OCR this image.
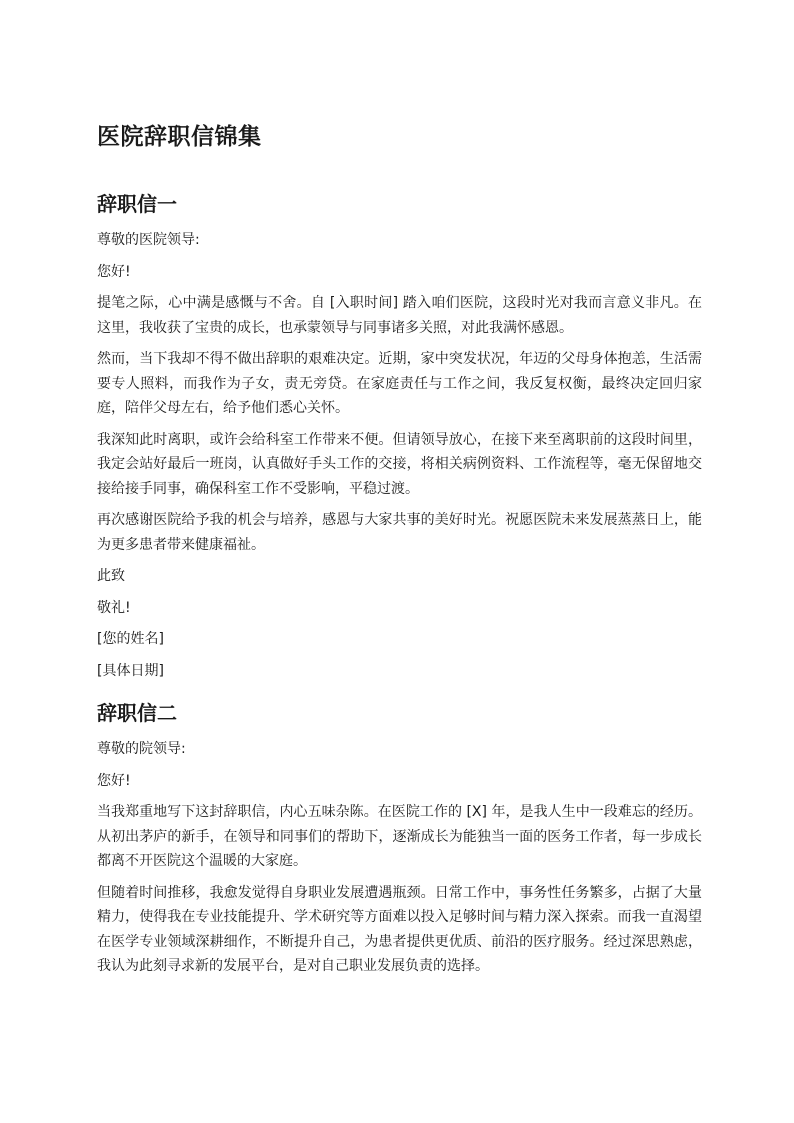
医院辞职信锦集
辞职信一

尊敬的医院领导:

您好!

提笔之际，心中满是感慨与不舍。自 [入职时间] 踏入咱们医院，这段时光对我而言意义非凡。在这里，我收获了宝贵的成长，也承蒙领导与同事诸多关照，对此我满怀感恩。

然而，当下我却不得不做出辞职的艰难决定。近期，家中突发状况，年迈的父母身体抱恙，生活需要专人照料，而我作为子女，责无旁贷。在家庭责任与工作之间，我反复权衡，最终决定回归家庭，陪伴父母左右，给予他们悉心关怀。

我深知此时离职，或许会给科室工作带来不便。但请领导放心，在接下来至离职前的这段时间里，我定会站好最后一班岗，认真做好手头工作的交接，将相关病例资料、工作流程等，毫无保留地交接给接手同事，确保科室工作不受影响，平稳过渡。

再次感谢医院给予我的机会与培养，感恩与大家共事的美好时光。祝愿医院未来发展蒸蒸日上，能为更多患者带来健康福祉。

此致

敬礼!

[您的姓名]

[具体日期]

辞职信二

尊敬的院领导:

您好!

当我郑重地写下这封辞职信，内心五味杂陈。在医院工作的 [X] 年，是我人生中一段难忘的经历。从初出茅庐的新手，在领导和同事们的帮助下，逐渐成长为能独当一面的医务工作者，每一步成长都离不开医院这个温暖的大家庭。

但随着时间推移，我愈发觉得自身职业发展遭遇瓶颈。日常工作中，事务性任务繁多，占据了大量精力，使得我在专业技能提升、学术研究等方面难以投入足够时间与精力深入探索。而我一直渴望在医学专业领域深耕细作，不断提升自己，为患者提供更优质、前沿的医疗服务。经过深思熟虑，我认为此刻寻求新的发展平台，是对自己职业发展负责的选择。
